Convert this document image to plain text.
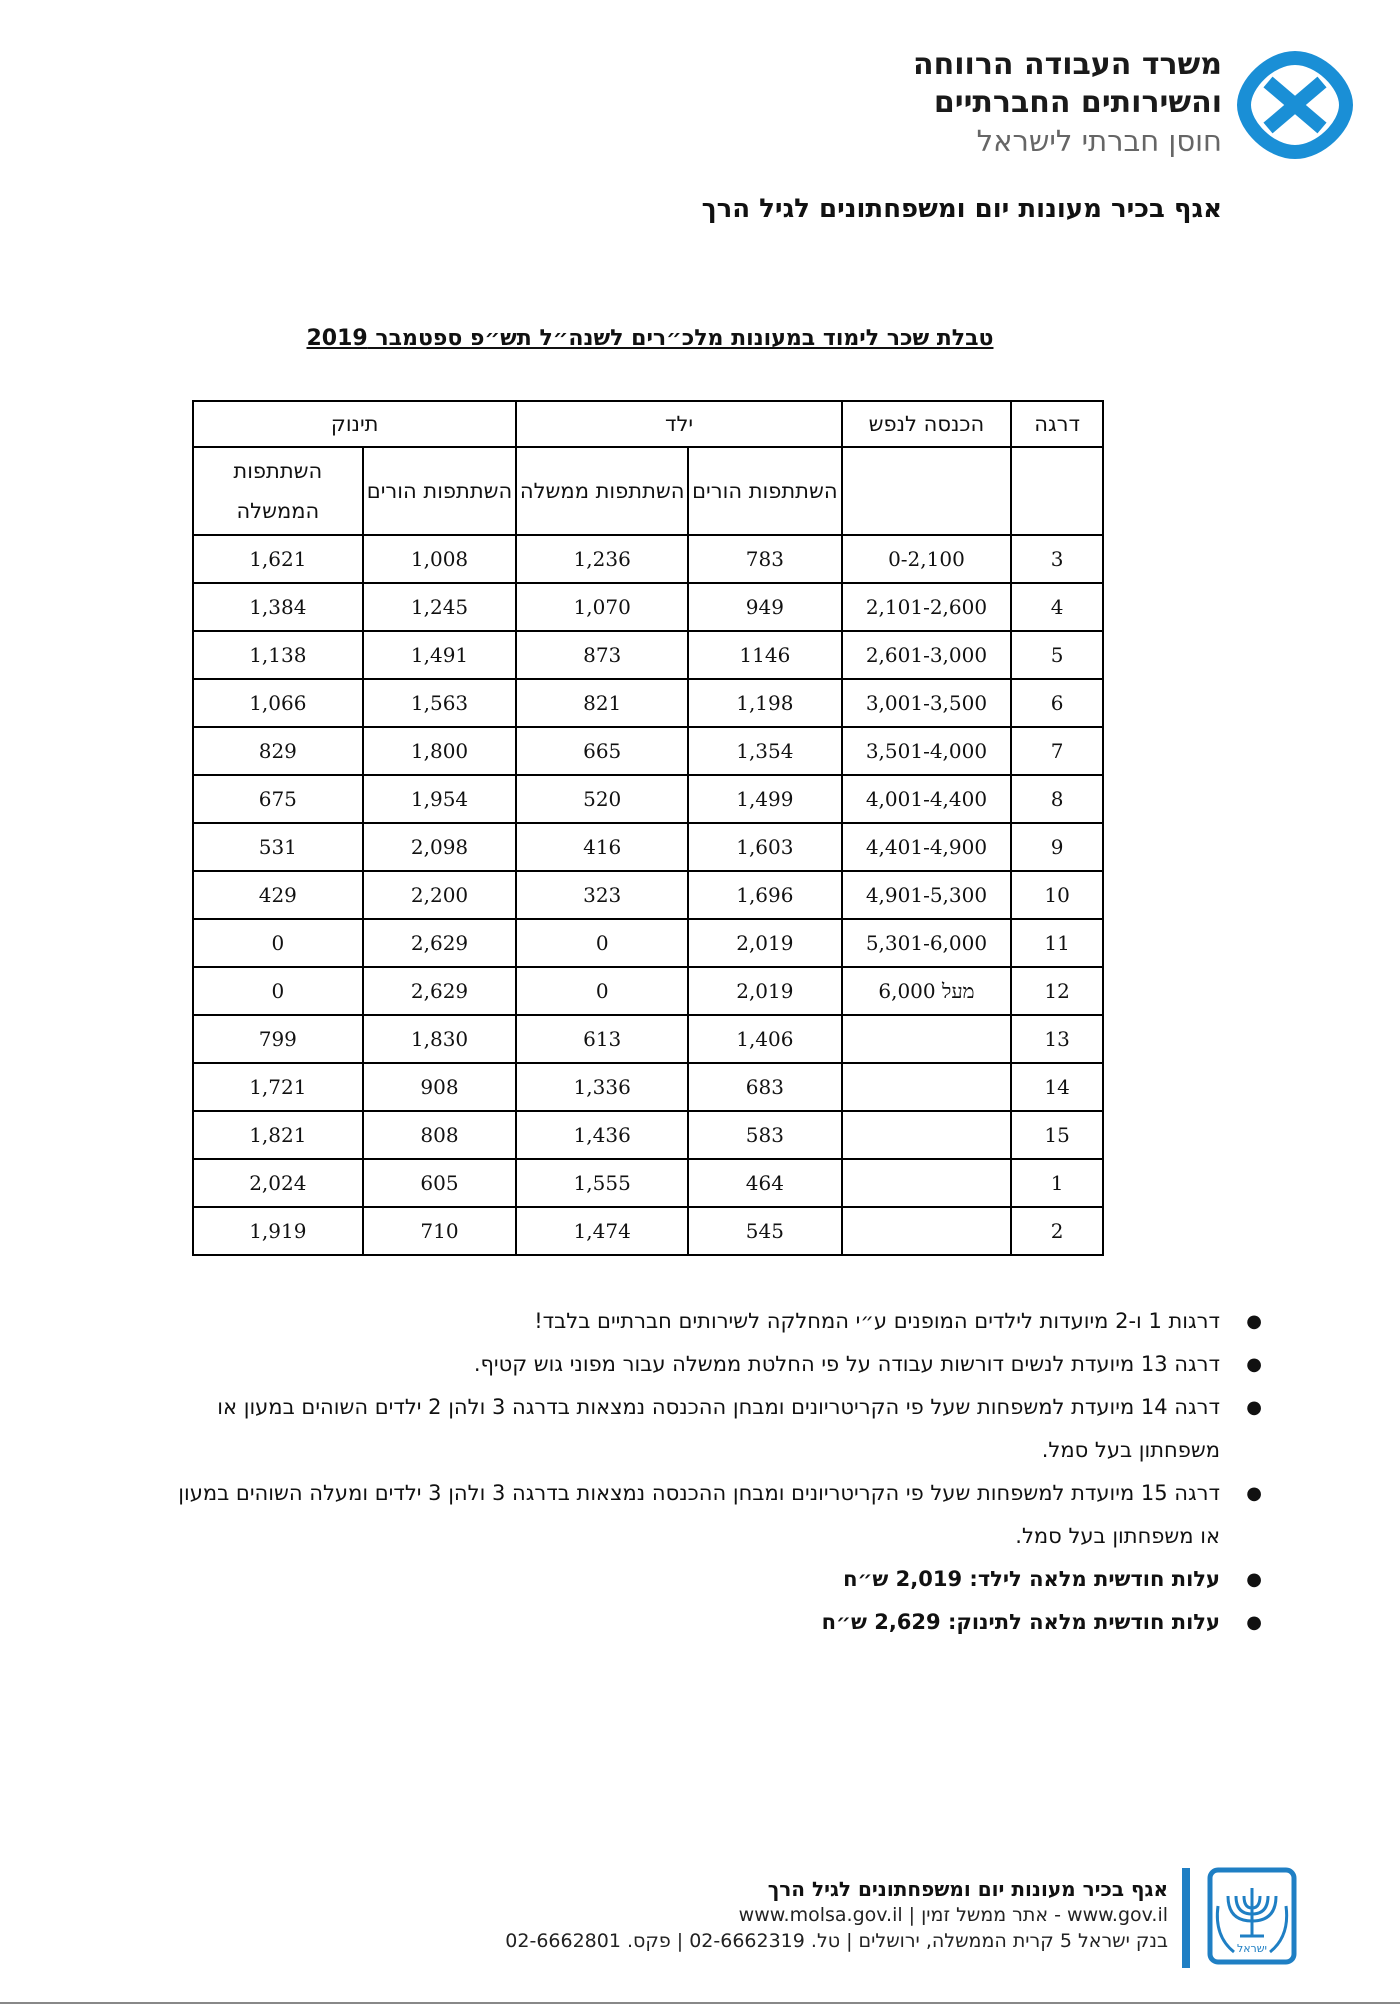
משרד העבודה הרווחה
והשירותים החברתיים
חוסן חברתי לישראל
אגף בכיר מעונות יום ומשפחתונים לגיל הרך
טבלת שכר לימוד במעונות מלכ״רים לשנה״ל תש״פ ספטמבר 2019
דרגה	הכנסה לנפש	ילד		תינוק	
		השתתפות הורים	השתתפות ממשלה	השתתפות הורים	השתתפות הממשלה
3	0-2,100	783	1,236	1,008	1,621
4	2,101-2,600	949	1,070	1,245	1,384
5	2,601-3,000	1146	873	1,491	1,138
6	3,001-3,500	1,198	821	1,563	1,066
7	3,501-4,000	1,354	665	1,800	829
8	4,001-4,400	1,499	520	1,954	675
9	4,401-4,900	1,603	416	2,098	531
10	4,901-5,300	1,696	323	2,200	429
11	5,301-6,000	2,019	0	2,629	0
12	מעל 6,000	2,019	0	2,629	0
13		1,406	613	1,830	799
14		683	1,336	908	1,721
15		583	1,436	808	1,821
1		464	1,555	605	2,024
2		545	1,474	710	1,919
●
דרגות 1 ו-2 מיועדות לילדים המופנים ע״י המחלקה לשירותים חברתיים בלבד!
●
דרגה 13 מיועדת לנשים דורשות עבודה על פי החלטת ממשלה עבור מפוני גוש קטיף.
●
דרגה 14 מיועדת למשפחות שעל פי הקריטריונים ומבחן ההכנסה נמצאות בדרגה 3 ולהן 2 ילדים השוהים במעון או משפחתון בעל סמל.
●
דרגה 15 מיועדת למשפחות שעל פי הקריטריונים ומבחן ההכנסה נמצאות בדרגה 3 ולהן 3 ילדים ומעלה השוהים במעון או משפחתון בעל סמל.
●
עלות חודשית מלאה לילד: 2,019 ש״ח
●
עלות חודשית מלאה לתינוק: 2,629 ש״ח
ישראל
אגף בכיר מעונות יום ומשפחתונים לגיל הרך
www.gov.il - אתר ממשל זמין | www.molsa.gov.il
בנק ישראל 5 קרית הממשלה, ירושלים | טל. 02-6662319 | פקס. 02-6662801
